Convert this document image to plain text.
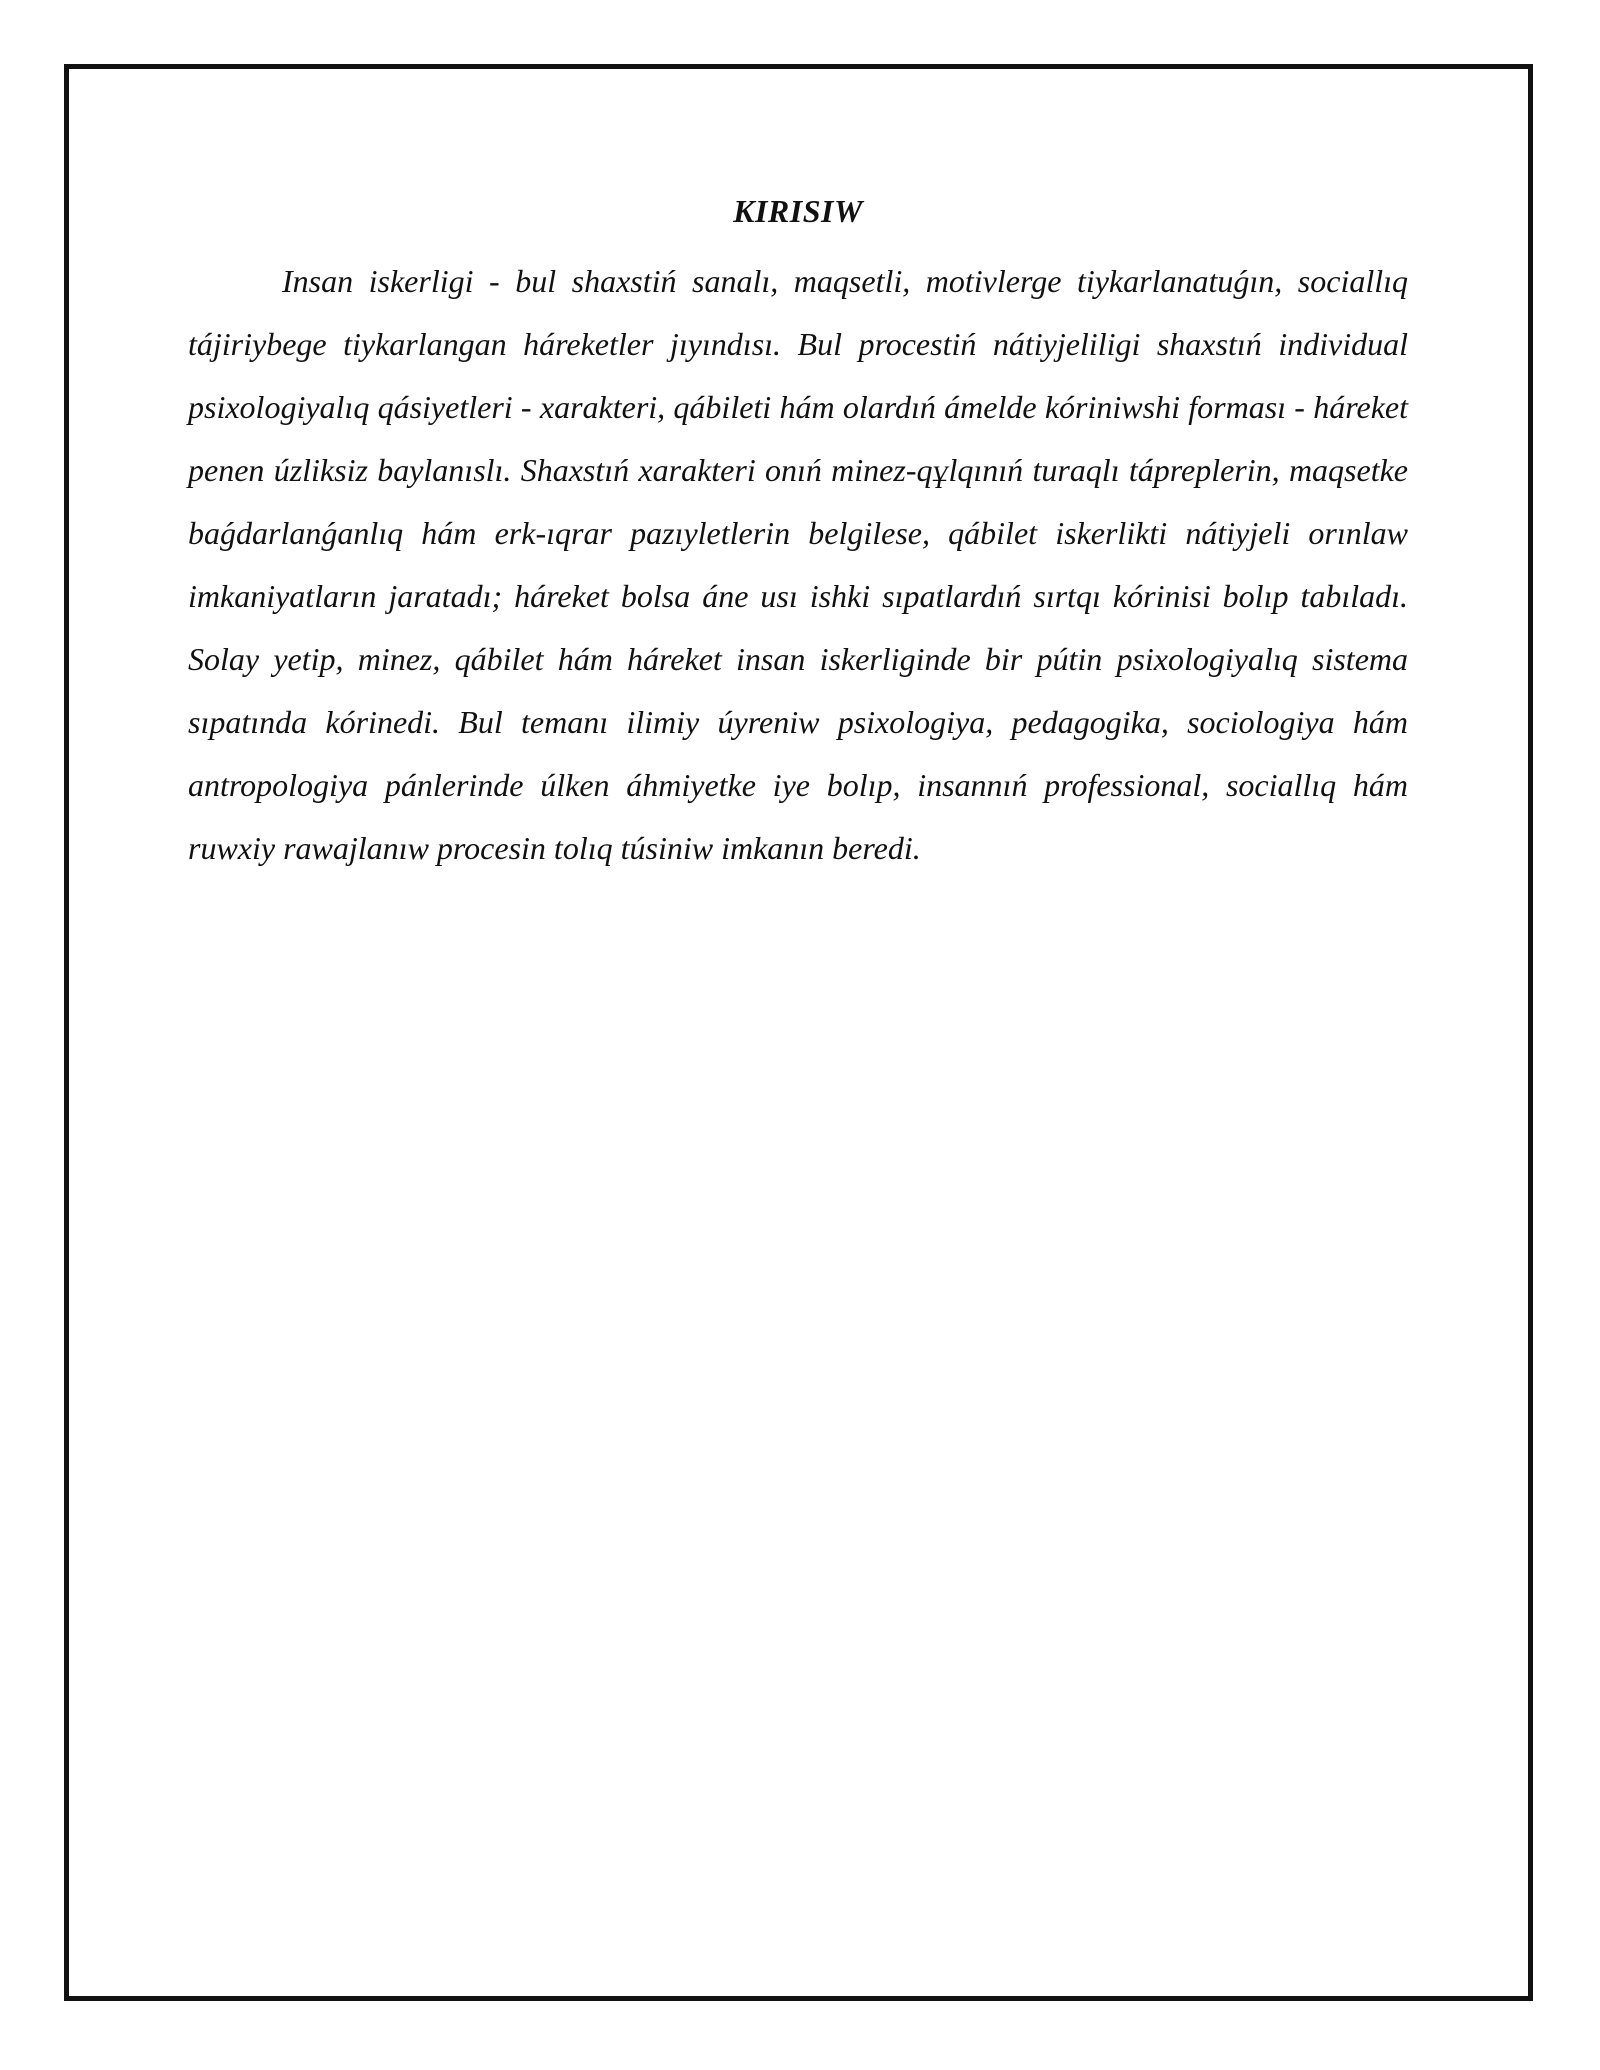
KIRISIW

Insan iskerligi - bul shaxstiń sanalı, maqsetli, motivlerge tiykarlanatuǵın, sociallıq tájiriybege tiykarlangan háreketler jıyındısı. Bul procestiń nátiyjeliligi shaxstıń individual psixologiyalıq qásiyetleri - xarakteri, qábileti hám olardıń ámelde kóriniwshi forması - háreket penen úzliksiz baylanıslı. Shaxstıń xarakteri onıń minez-qұlqınıń turaqlı tápreplerin, maqsetke baǵdarlanǵanlıq hám erk-ıqrar pazıyletlerin belgilese, qábilet iskerlikti nátiyjeli orınlaw imkaniyatların jaratadı; háreket bolsa áne usı ishki sıpatlardıń sırtqı kórinisi bolıp tabıladı. Solay yetip, minez, qábilet hám háreket insan iskerliginde bir pútin psixologiyalıq sistema sıpatında kórinedi. Bul temanı ilimiy úyreniw psixologiya, pedagogika, sociologiya hám antropologiya pánlerinde úlken áhmiyetke iye bolıp, insannıń professional, sociallıq hám ruwxiy rawajlanıw procesin tolıq túsiniw imkanın beredi.
